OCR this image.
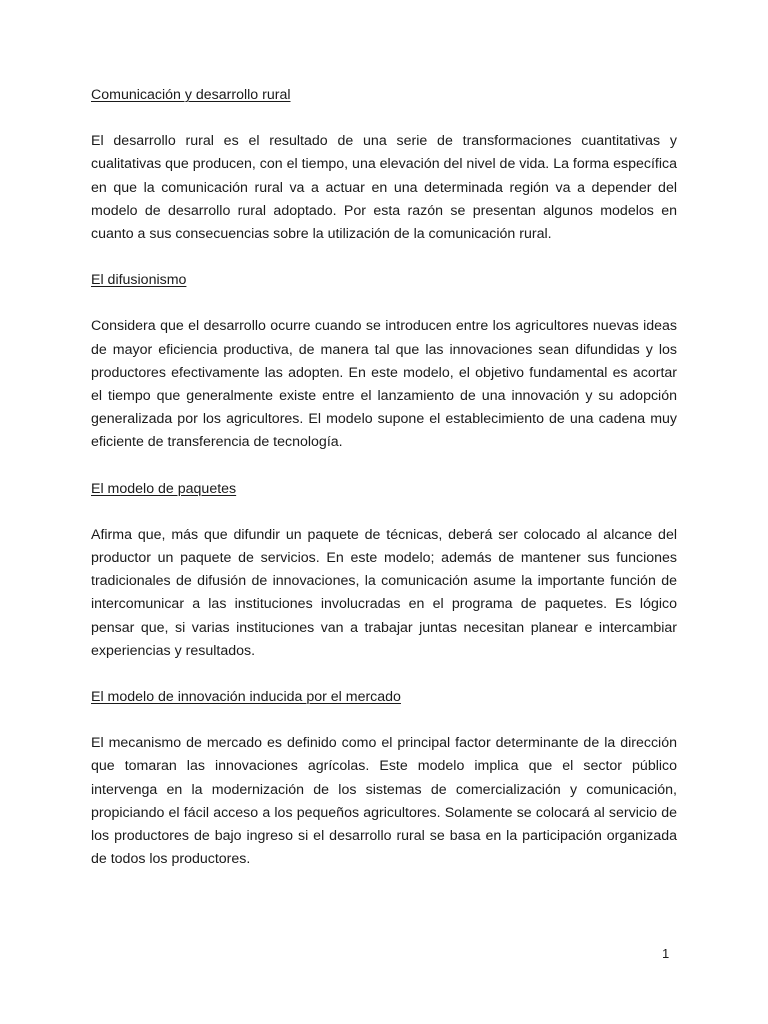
Comunicación y desarrollo rural

El desarrollo rural es el resultado de una serie de transformaciones cuantitativas y cualitativas que producen, con el tiempo, una elevación del nivel de vida. La forma específica en que la comunicación rural va a actuar en una determinada región va a depender del modelo de desarrollo rural adoptado. Por esta razón se presentan algunos modelos en cuanto a sus consecuencias sobre la utilización de la comunicación rural.

El difusionismo

Considera que el desarrollo ocurre cuando se introducen entre los agricultores nuevas ideas de mayor eficiencia productiva, de manera tal que las innovaciones sean difundidas y los productores efectivamente las adopten. En este modelo, el objetivo fundamental es acortar el tiempo que generalmente existe entre el lanzamiento de una innovación y su adopción generalizada por los agricultores. El modelo supone el establecimiento de una cadena muy eficiente de transferencia de tecnología.

El modelo de paquetes

Afirma que, más que difundir un paquete de técnicas, deberá ser colocado al alcance del productor un paquete de servicios. En este modelo; además de mantener sus funciones tradicionales de difusión de innovaciones, la comunicación asume la importante función de intercomunicar a las instituciones involucradas en el programa de paquetes. Es lógico pensar que, si varias instituciones van a trabajar juntas necesitan planear e intercambiar experiencias y resultados.

El modelo de innovación inducida por el mercado

El mecanismo de mercado es definido como el principal factor determinante de la dirección que tomaran las innovaciones agrícolas. Este modelo implica que el sector público intervenga en la modernización de los sistemas de comercialización y comunicación, propiciando el fácil acceso a los pequeños agricultores. Solamente se colocará al servicio de los productores de bajo ingreso si el desarrollo rural se basa en la participación organizada de todos los productores.

1
